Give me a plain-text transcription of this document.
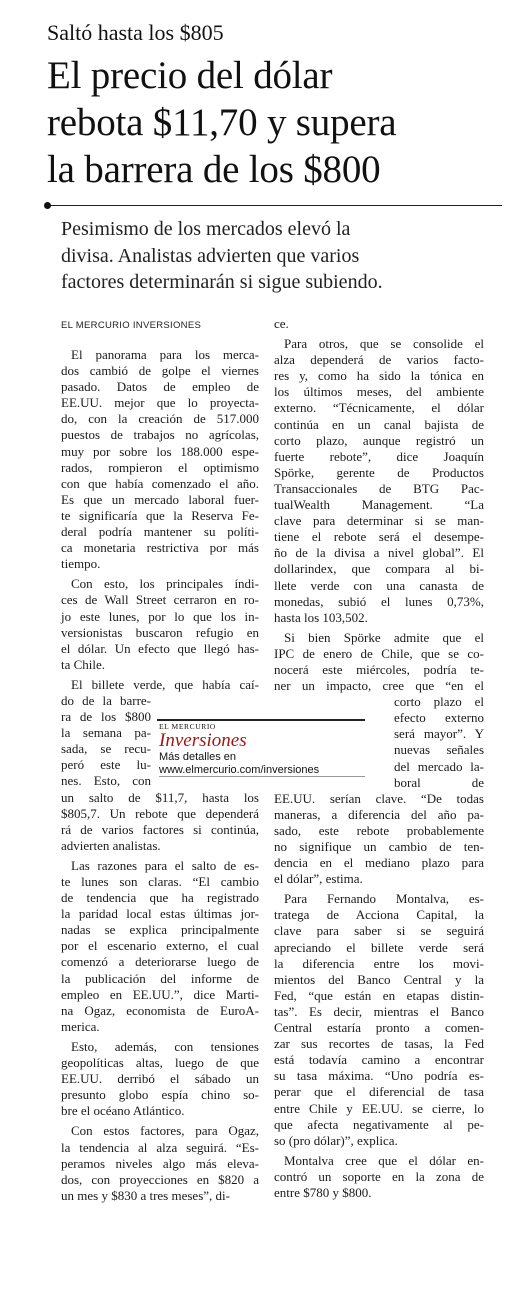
Saltó hasta los $805
El precio del dólar
rebota $11,70 y supera
la barrera de los $800
Pesimismo de los mercados elevó la
divisa. Analistas advierten que varios
factores determinarán si sigue subiendo.
EL MERCURIO INVERSIONES
El panorama para los merca-
dos cambió de golpe el viernes
pasado. Datos de empleo de
EE.UU. mejor que lo proyecta-
do, con la creación de 517.000
puestos de trabajos no agrícolas,
muy por sobre los 188.000 espe-
rados, rompieron el optimismo
con que había comenzado el año.
Es que un mercado laboral fuer-
te significaría que la Reserva Fe-
deral podría mantener su políti-
ca monetaria restrictiva por más
tiempo.
Con esto, los principales índi-
ces de Wall Street cerraron en ro-
jo este lunes, por lo que los in-
versionistas buscaron refugio en
el dólar. Un efecto que llegó has-
ta Chile.
El billete verde, que había caí-
do de la barre-
ra de los $800
la semana pa-
sada, se recu-
peró este lu-
nes. Esto, con
un salto de $11,7, hasta los
$805,7. Un rebote que dependerá
rá de varios factores si continúa,
advierten analistas.
Las razones para el salto de es-
te lunes son claras. “El cambio
de tendencia que ha registrado
la paridad local estas últimas jor-
nadas se explica principalmente
por el escenario externo, el cual
comenzó a deteriorarse luego de
la publicación del informe de
empleo en EE.UU.”, dice Marti-
na Ogaz, economista de EuroA-
merica.
Esto, además, con tensiones
geopolíticas altas, luego de que
EE.UU. derribó el sábado un
presunto globo espía chino so-
bre el océano Atlántico.
Con estos factores, para Ogaz,
la tendencia al alza seguirá. “Es-
peramos niveles algo más eleva-
dos, con proyecciones en $820 a
un mes y $830 a tres meses”, di-
ce.
Para otros, que se consolide el
alza dependerá de varios facto-
res y, como ha sido la tónica en
los últimos meses, del ambiente
externo. “Técnicamente, el dólar
continúa en un canal bajista de
corto plazo, aunque registró un
fuerte rebote”, dice Joaquín
Spörke, gerente de Productos
Transaccionales de BTG Pac-
tualWealth Management. “La
clave para determinar si se man-
tiene el rebote será el desempe-
ño de la divisa a nivel global”. El
dollarindex, que compara al bi-
llete verde con una canasta de
monedas, subió el lunes 0,73%,
hasta los 103,502.
Si bien Spörke admite que el
IPC de enero de Chile, que se co-
nocerá este miércoles, podría te-
ner un impacto, cree que “en el
corto plazo el
efecto externo
será mayor”. Y
nuevas señales
del mercado la-
boral de
EE.UU. serían clave. “De todas
maneras, a diferencia del año pa-
sado, este rebote probablemente
no signifique un cambio de ten-
dencia en el mediano plazo para
el dólar”, estima.
Para Fernando Montalva, es-
tratega de Acciona Capital, la
clave para saber si se seguirá
apreciando el billete verde será
la diferencia entre los movi-
mientos del Banco Central y la
Fed, “que están en etapas distin-
tas”. Es decir, mientras el Banco
Central estaría pronto a comen-
zar sus recortes de tasas, la Fed
está todavía camino a encontrar
su tasa máxima. “Uno podría es-
perar que el diferencial de tasa
entre Chile y EE.UU. se cierre, lo
que afecta negativamente al pe-
so (pro dólar)”, explica.
Montalva cree que el dólar en-
contró un soporte en la zona de
entre $780 y $800.
EL MERCURIO
Inversiones
Más detalles en
www.elmercurio.com/inversiones
